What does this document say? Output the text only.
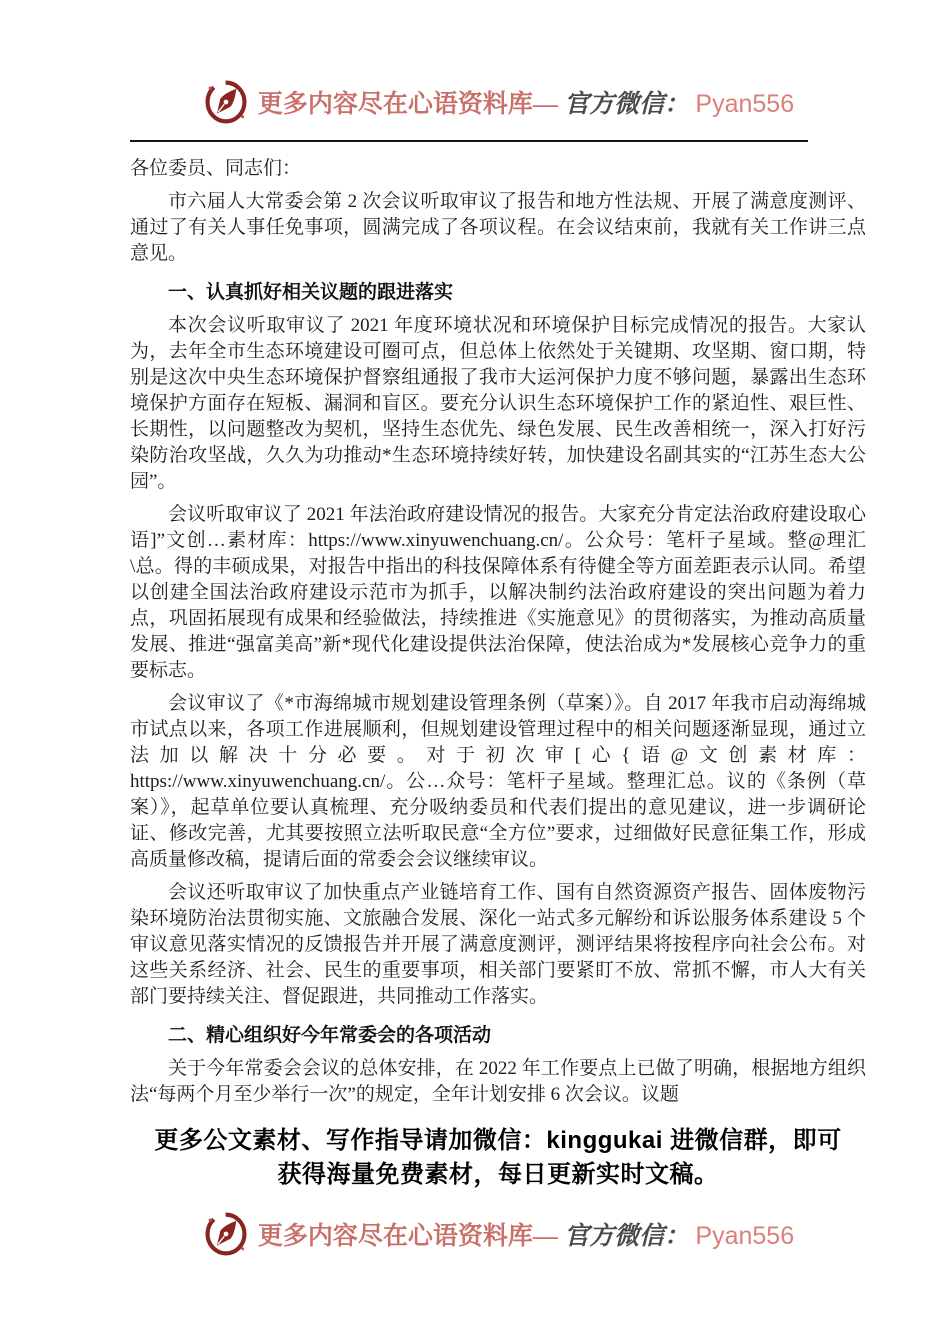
更多内容尽在心语资料库— 官方微信： Pyan556

各位委员、同志们：

市六届人大常委会第 2 次会议听取审议了报告和地方性法规、开展了满意度测评、通过了有关人事任免事项，圆满完成了各项议程。在会议结束前，我就有关工作讲三点意见。

一、认真抓好相关议题的跟进落实

本次会议听取审议了 2021 年度环境状况和环境保护目标完成情况的报告。大家认为，去年全市生态环境建设可圈可点，但总体上依然处于关键期、攻坚期、窗口期，特别是这次中央生态环境保护督察组通报了我市大运河保护力度不够问题，暴露出生态环境保护方面存在短板、漏洞和盲区。要充分认识生态环境保护工作的紧迫性、艰巨性、长期性，以问题整改为契机，坚持生态优先、绿色发展、民生改善相统一，深入打好污染防治攻坚战，久久为功推动*生态环境持续好转，加快建设名副其实的“江苏生态大公园”。

会议听取审议了 2021 年法治政府建设情况的报告。大家充分肯定法治政府建设取心语]”文创…素材库：https://www.xinyuwenchuang.cn/。公众号：笔杆子星域。整@理汇\总。得的丰硕成果，对报告中指出的科技保障体系有待健全等方面差距表示认同。希望以创建全国法治政府建设示范市为抓手，以解决制约法治政府建设的突出问题为着力点，巩固拓展现有成果和经验做法，持续推进《实施意见》的贯彻落实，为推动高质量发展、推进“强富美高”新*现代化建设提供法治保障，使法治成为*发展核心竞争力的重要标志。

会议审议了《*市海绵城市规划建设管理条例（草案）》。自 2017 年我市启动海绵城市试点以来，各项工作进展顺利，但规划建设管理过程中的相关问题逐渐显现，通过立法加以解决十分必要。对于初次审[心{语@文创素材库：https://www.xinyuwenchuang.cn/。公…众号：笔杆子星域。整理汇总。议的《条例（草案）》，起草单位要认真梳理、充分吸纳委员和代表们提出的意见建议，进一步调研论证、修改完善，尤其要按照立法听取民意“全方位”要求，过细做好民意征集工作，形成高质量修改稿，提请后面的常委会会议继续审议。

会议还听取审议了加快重点产业链培育工作、国有自然资源资产报告、固体废物污染环境防治法贯彻实施、文旅融合发展、深化一站式多元解纷和诉讼服务体系建设 5 个审议意见落实情况的反馈报告并开展了满意度测评，测评结果将按程序向社会公布。对这些关系经济、社会、民生的重要事项，相关部门要紧盯不放、常抓不懈，市人大有关部门要持续关注、督促跟进，共同推动工作落实。

二、精心组织好今年常委会的各项活动

关于今年常委会会议的总体安排，在 2022 年工作要点上已做了明确，根据地方组织法“每两个月至少举行一次”的规定，全年计划安排 6 次会议。议题

更多公文素材、写作指导请加微信：kinggukai 进微信群，即可
获得海量免费素材，每日更新实时文稿。
更多内容尽在心语资料库— 官方微信： Pyan556
